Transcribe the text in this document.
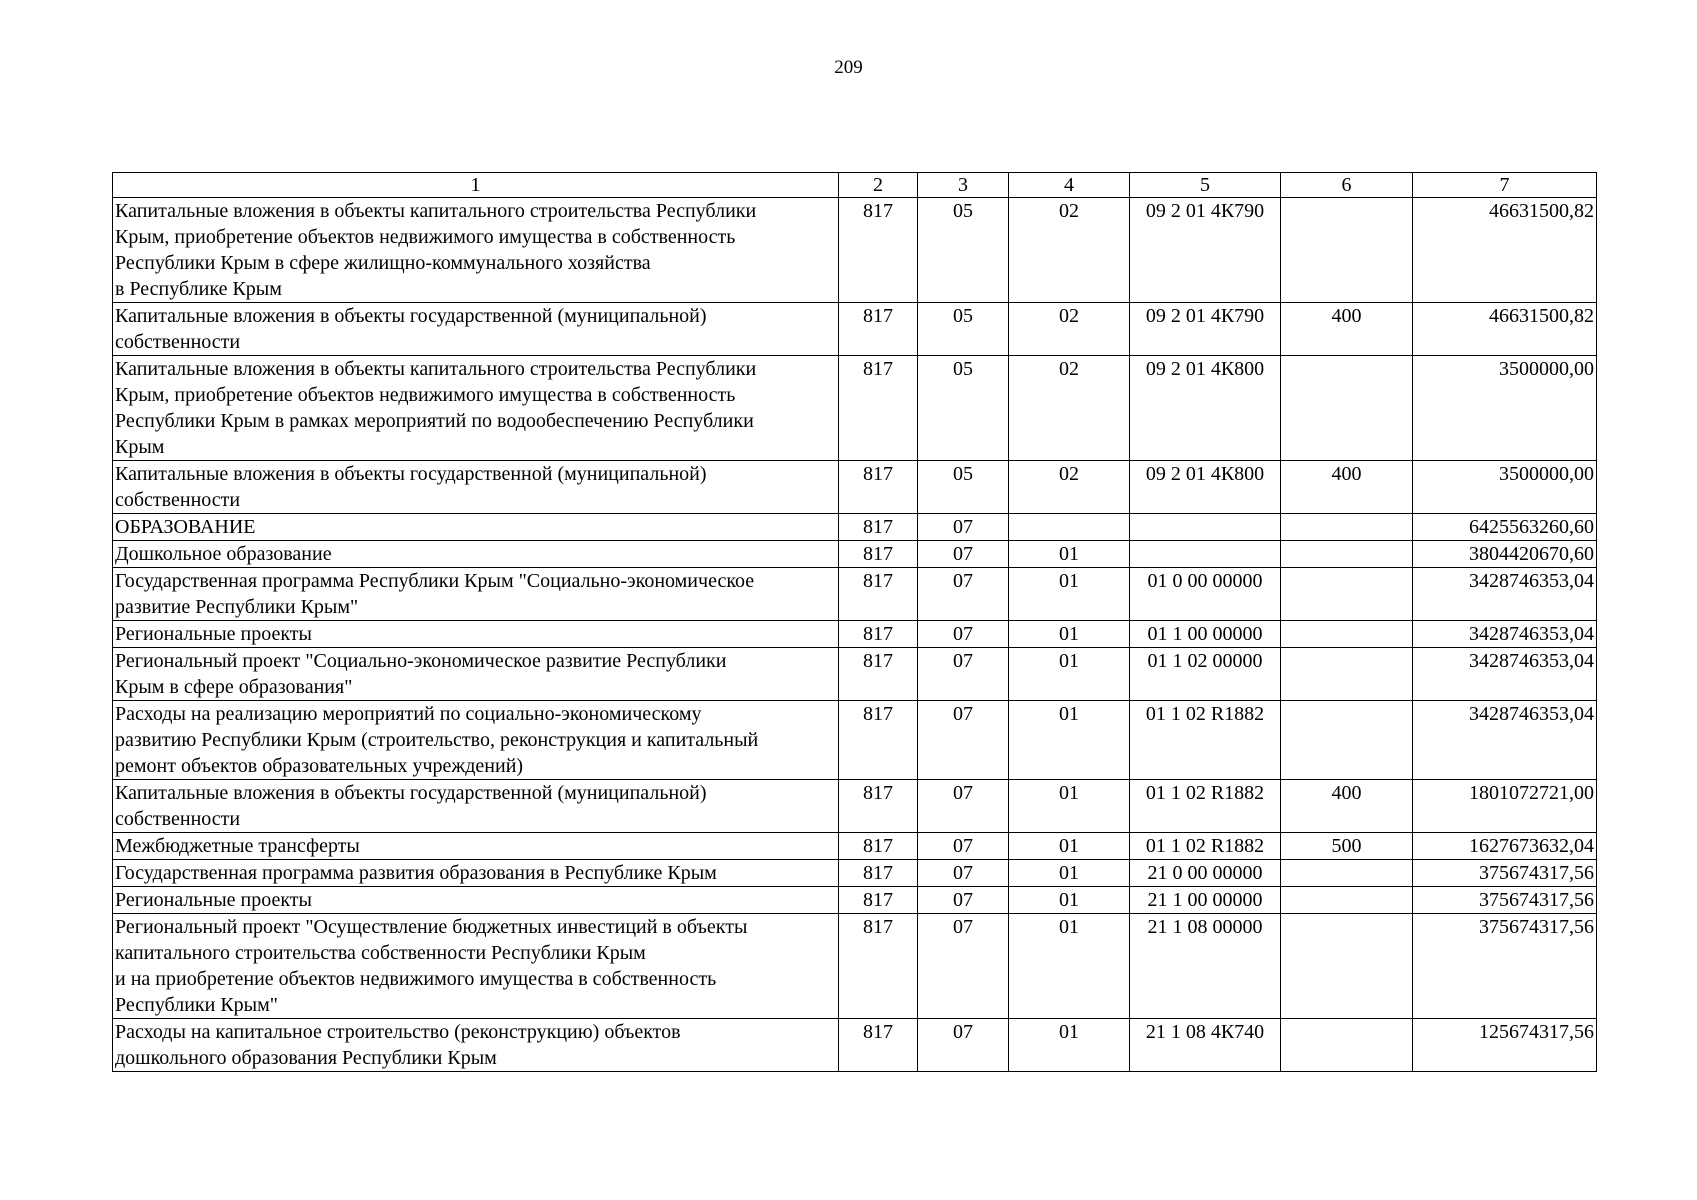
209
1	2	3	4	5	6	7
Капитальные вложения в объекты капитального строительства Республики
Крым, приобретение объектов недвижимого имущества в собственность
Республики Крым в сфере жилищно-коммунального хозяйства
в Республике Крым	817	05	02	09 2 01 4К790		46631500,82
Капитальные вложения в объекты государственной (муниципальной)
собственности	817	05	02	09 2 01 4К790	400	46631500,82
Капитальные вложения в объекты капитального строительства Республики
Крым, приобретение объектов недвижимого имущества в собственность
Республики Крым в рамках мероприятий по водообеспечению Республики
Крым	817	05	02	09 2 01 4К800		3500000,00
Капитальные вложения в объекты государственной (муниципальной)
собственности	817	05	02	09 2 01 4К800	400	3500000,00
ОБРАЗОВАНИЕ	817	07				6425563260,60
Дошкольное образование	817	07	01			3804420670,60
Государственная программа Республики Крым "Социально-экономическое
развитие Республики Крым"	817	07	01	01 0 00 00000		3428746353,04
Региональные проекты	817	07	01	01 1 00 00000		3428746353,04
Региональный проект "Социально-экономическое развитие Республики
Крым в сфере образования"	817	07	01	01 1 02 00000		3428746353,04
Расходы на реализацию мероприятий по социально-экономическому
развитию Республики Крым (строительство, реконструкция и капитальный
ремонт объектов образовательных учреждений)	817	07	01	01 1 02 R1882		3428746353,04
Капитальные вложения в объекты государственной (муниципальной)
собственности	817	07	01	01 1 02 R1882	400	1801072721,00
Межбюджетные трансферты	817	07	01	01 1 02 R1882	500	1627673632,04
Государственная программа развития образования в Республике Крым	817	07	01	21 0 00 00000		375674317,56
Региональные проекты	817	07	01	21 1 00 00000		375674317,56
Региональный проект "Осуществление бюджетных инвестиций в объекты
капитального строительства собственности Республики Крым
и на приобретение объектов недвижимого имущества в собственность
Республики Крым"	817	07	01	21 1 08 00000		375674317,56
Расходы на капитальное строительство (реконструкцию) объектов
дошкольного образования Республики Крым	817	07	01	21 1 08 4К740		125674317,56
